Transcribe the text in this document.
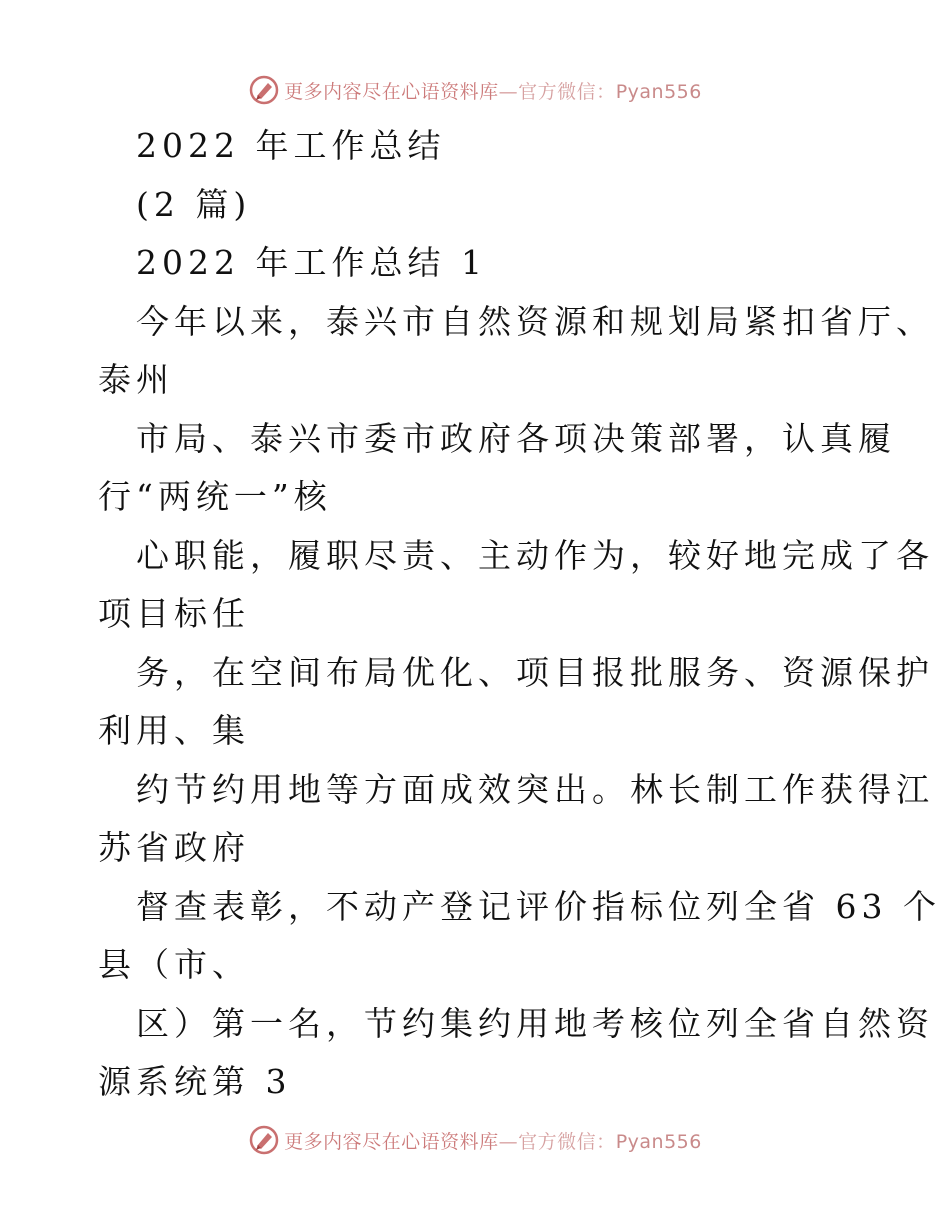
更多内容尽在心语资料库—官方微信：Pyan556
2022 年工作总结
(2 篇)
2022 年工作总结 1
今年以来，泰兴市自然资源和规划局紧扣省厅、
泰州
市局、泰兴市委市政府各项决策部署，认真履
行“两统一”核
心职能，履职尽责、主动作为，较好地完成了各
项目标任
务，在空间布局优化、项目报批服务、资源保护
利用、集
约节约用地等方面成效突出。林长制工作获得江
苏省政府
督查表彰，不动产登记评价指标位列全省 63 个
县（市、
区）第一名，节约集约用地考核位列全省自然资
源系统第 3
更多内容尽在心语资料库—官方微信：Pyan556
